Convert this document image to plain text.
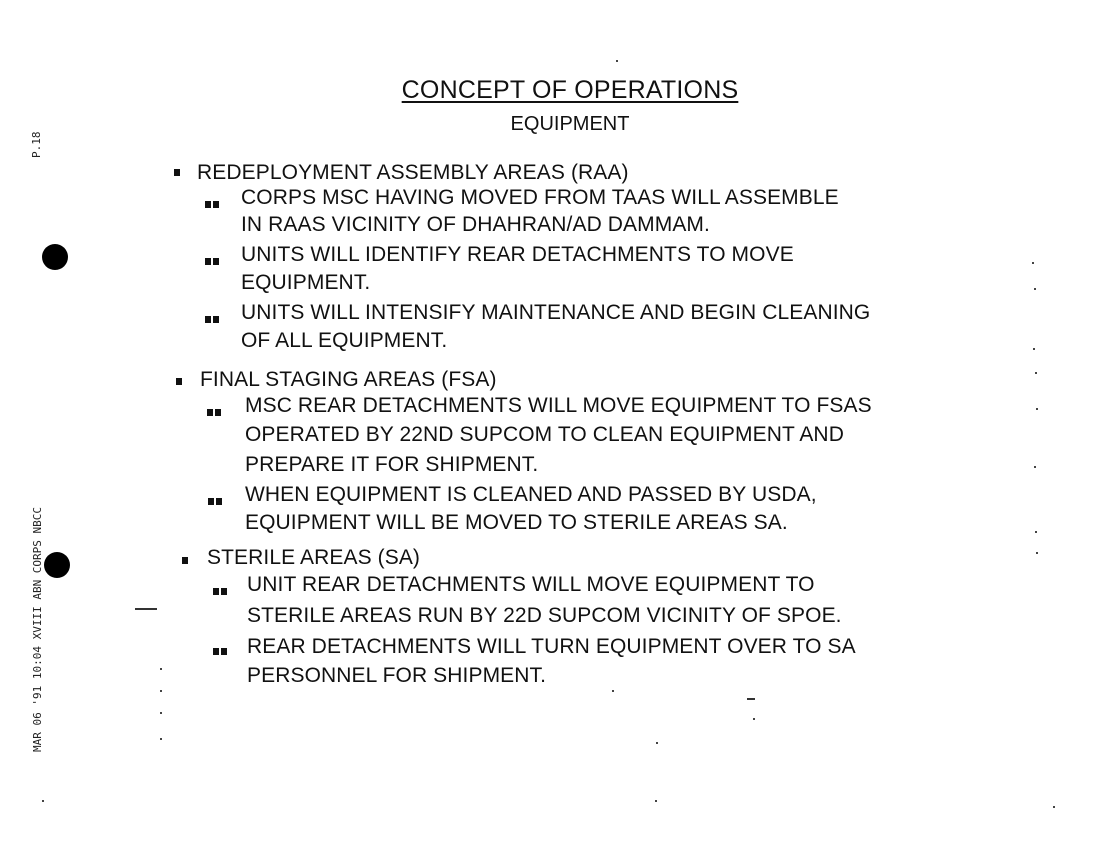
CONCEPT OF OPERATIONS
EQUIPMENT
P.18
MAR 06 '91 10:04 XVIII ABN CORPS NBCC
REDEPLOYMENT ASSEMBLY AREAS (RAA)
CORPS MSC HAVING MOVED FROM TAAS WILL ASSEMBLE
IN RAAS VICINITY OF DHAHRAN/AD DAMMAM.
UNITS WILL IDENTIFY REAR DETACHMENTS TO MOVE
EQUIPMENT.
UNITS WILL INTENSIFY MAINTENANCE AND BEGIN CLEANING
OF ALL EQUIPMENT.
FINAL STAGING AREAS (FSA)
MSC REAR DETACHMENTS WILL MOVE EQUIPMENT TO FSAS
OPERATED BY 22ND SUPCOM TO CLEAN EQUIPMENT AND
PREPARE IT FOR SHIPMENT.
WHEN EQUIPMENT IS CLEANED AND PASSED BY USDA,
EQUIPMENT WILL BE MOVED TO STERILE AREAS SA.
STERILE AREAS (SA)
UNIT REAR DETACHMENTS WILL MOVE EQUIPMENT TO
STERILE AREAS RUN BY 22D SUPCOM VICINITY OF SPOE.
REAR DETACHMENTS WILL TURN EQUIPMENT OVER TO SA
PERSONNEL FOR SHIPMENT.
